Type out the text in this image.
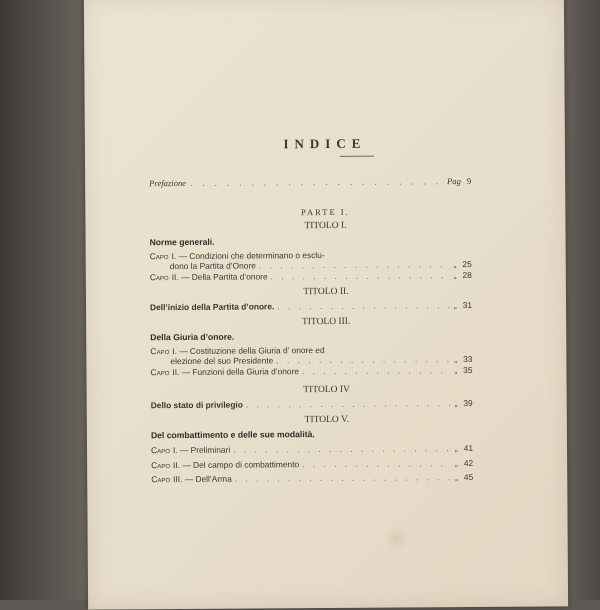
INDICE
Prefazione . . .	Pag 9
PARTE I.
TITOLO I.
Norme generali.
Capo I. — Condizioni che determinano o esclu-
dono la Partita d’Onore . . .	„ 25
Capo II. — Della Partita d’onore . . .	„ 28
TITOLO II.
Dell’inizio della Partita d’onore. . . .	„ 31
TITOLO III.
Della Giuria d’onore.
Capo I. — Costituzione della Giuria d’ onore ed
elezione del suo Presidente . . .	„ 33
Capo II. — Funzioni della Giuria d’onore . . .	„ 35
TITOLO IV
Dello stato di privilegio . . .	„ 39
TITOLO V.
Del combattimento e delle sue modalità.
Capo I. — Preliminari . . .	„ 41
Capo II. — Del campo di combattimento . . .	„ 42
Capo III. — Dell’Arma . . .	„ 45
